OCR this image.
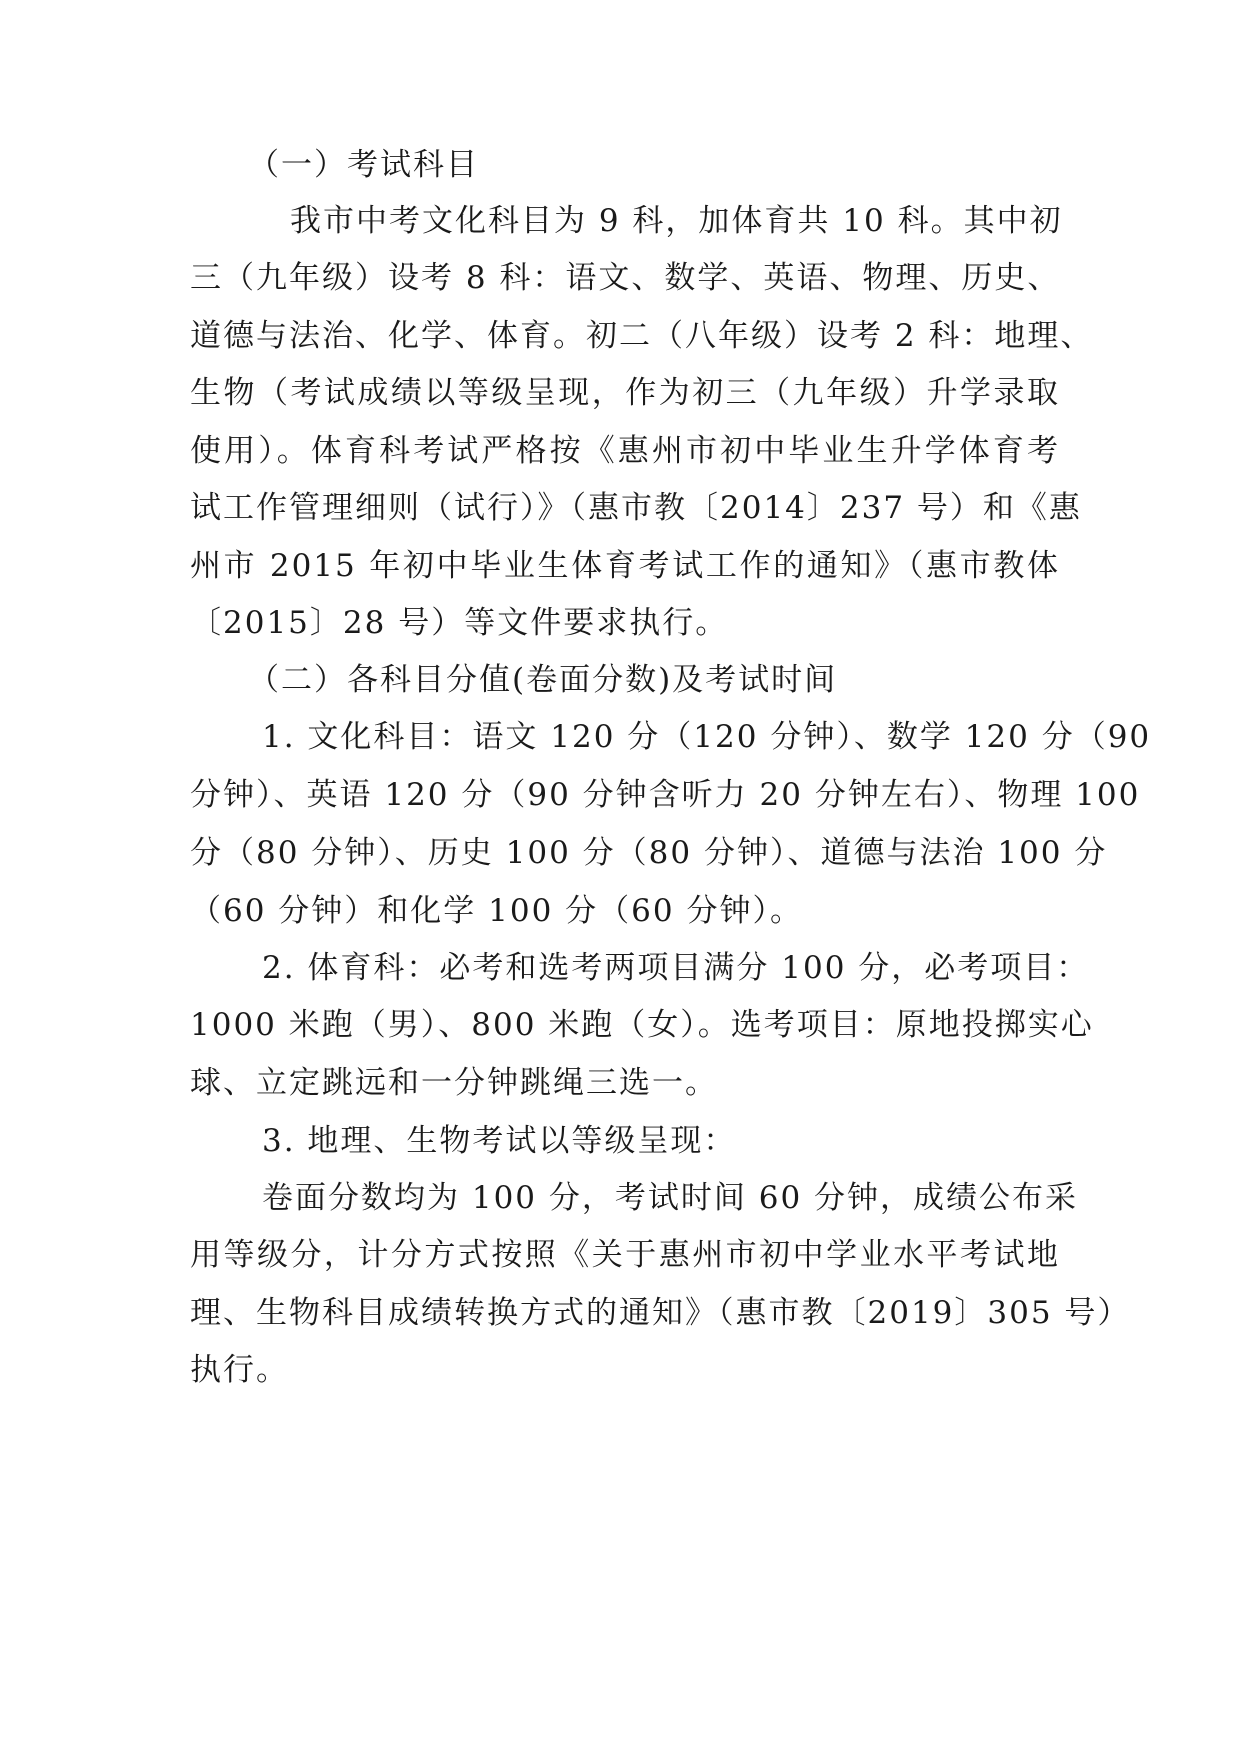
（一）考试科目
我市中考文化科目为 9 科，加体育共 10 科。其中初
三（九年级）设考 8 科：语文、数学、英语、物理、历史、
道德与法治、化学、体育。初二（八年级）设考 2 科：地理、
生物（考试成绩以等级呈现，作为初三（九年级）升学录取
使用）。体育科考试严格按《惠州市初中毕业生升学体育考
试工作管理细则（试行）》（惠市教〔2014〕237 号）和《惠
州市 2015 年初中毕业生体育考试工作的通知》（惠市教体
〔2015〕28 号）等文件要求执行。
（二）各科目分值(卷面分数)及考试时间
1. 文化科目：语文 120 分（120 分钟）、数学 120 分（90
分钟）、英语 120 分（90 分钟含听力 20 分钟左右）、物理 100
分（80 分钟）、历史 100 分（80 分钟）、道德与法治 100 分
（60 分钟）和化学 100 分（60 分钟）。
2. 体育科：必考和选考两项目满分 100 分，必考项目：
1000 米跑（男）、800 米跑（女）。选考项目：原地投掷实心
球、立定跳远和一分钟跳绳三选一。
3. 地理、生物考试以等级呈现：
卷面分数均为 100 分，考试时间 60 分钟，成绩公布采
用等级分，计分方式按照《关于惠州市初中学业水平考试地
理、生物科目成绩转换方式的通知》（惠市教〔2019〕305 号）
执行。
